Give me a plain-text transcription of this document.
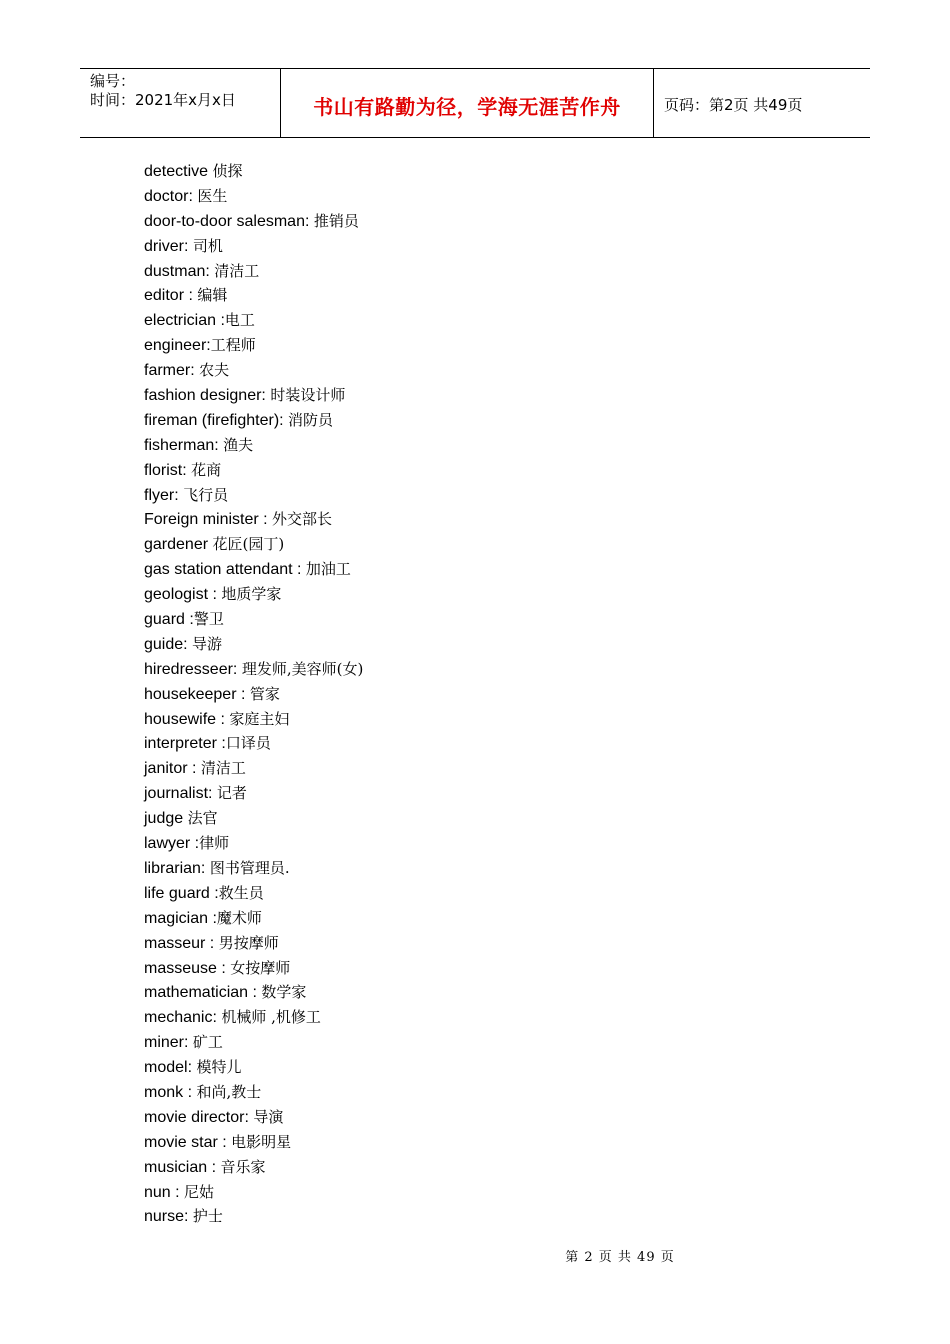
编号：
时间：2021年x月x日	书山有路勤为径，学海无涯苦作舟	页码：第2页 共49页
detective 侦探
doctor: 医生
door-to-door salesman: 推销员
driver: 司机
dustman: 清洁工
editor : 编辑
electrician :电工
engineer:工程师
farmer: 农夫
fashion designer: 时装设计师
fireman (firefighter): 消防员
fisherman: 渔夫
florist: 花商
flyer: 飞行员
Foreign minister : 外交部长
gardener 花匠(园丁)
gas station attendant : 加油工
geologist : 地质学家
guard :警卫
guide: 导游
hiredresseer: 理发师,美容师(女)
housekeeper : 管家
housewife : 家庭主妇
interpreter :口译员
janitor : 清洁工
journalist: 记者
judge 法官
lawyer :律师
librarian: 图书管理员.
life guard :救生员
magician :魔术师
masseur : 男按摩师
masseuse : 女按摩师
mathematician : 数学家
mechanic: 机械师 ,机修工
miner: 矿工
model: 模特儿
monk : 和尚,教士
movie director: 导演
movie star : 电影明星
musician : 音乐家
nun : 尼姑
nurse: 护士
第 2 页 共 49 页
